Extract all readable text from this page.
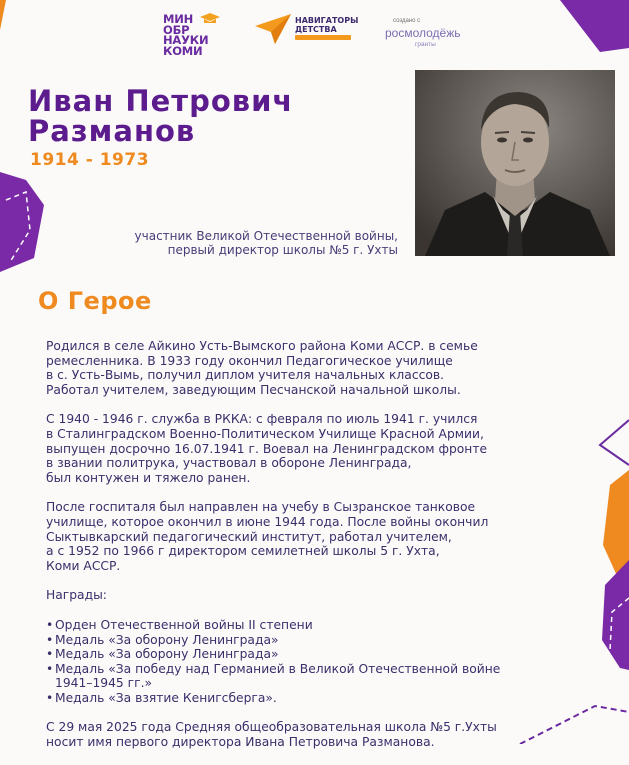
МИН
ОБР
НАУКИ
КОМИ
НАВИГАТОРЫ
ДЕТСТВА
создано с
росмолодёжь
гранты
Иван Петрович
Разманов
1914 - 1973
участник Великой Отечественной войны,
первый директор школы №5 г. Ухты
О Герое

Родился в селе Айкино Усть-Вымского района Коми АССР. в семье
ремесленника. В 1933 году окончил Педагогическое училище
в с. Усть-Вымь, получил диплом учителя начальных классов.
Работал учителем, заведующим Песчанской начальной школы.

С 1940 - 1946 г. служба в РККА: с февраля по июль 1941 г. учился
в Сталинградском Военно-Политическом Училище Красной Армии,
выпущен досрочно 16.07.1941 г. Воевал на Ленинградском фронте
в звании политрука, участвовал в обороне Ленинграда,
был контужен и тяжело ранен.

После госпиталя был направлен на учебу в Сызранское танковое
училище, которое окончил в июне 1944 года. После войны окончил
Сыктывкарский педагогический институт, работал учителем,
а с 1952 по 1966 г директором семилетней школы 5 г. Ухта,
Коми АССР.

Награды:

• Орден Отечественной войны II степени
• Медаль «За оборону Ленинграда»
• Медаль «За оборону Ленинграда»
• Медаль «За победу над Германией в Великой Отечественной войне
1941–1945 гг.»
• Медаль «За взятие Кенигсберга».

С 29 мая 2025 года Средняя общеобразовательная школа №5 г.Ухты
носит имя первого директора Ивана Петровича Разманова.
